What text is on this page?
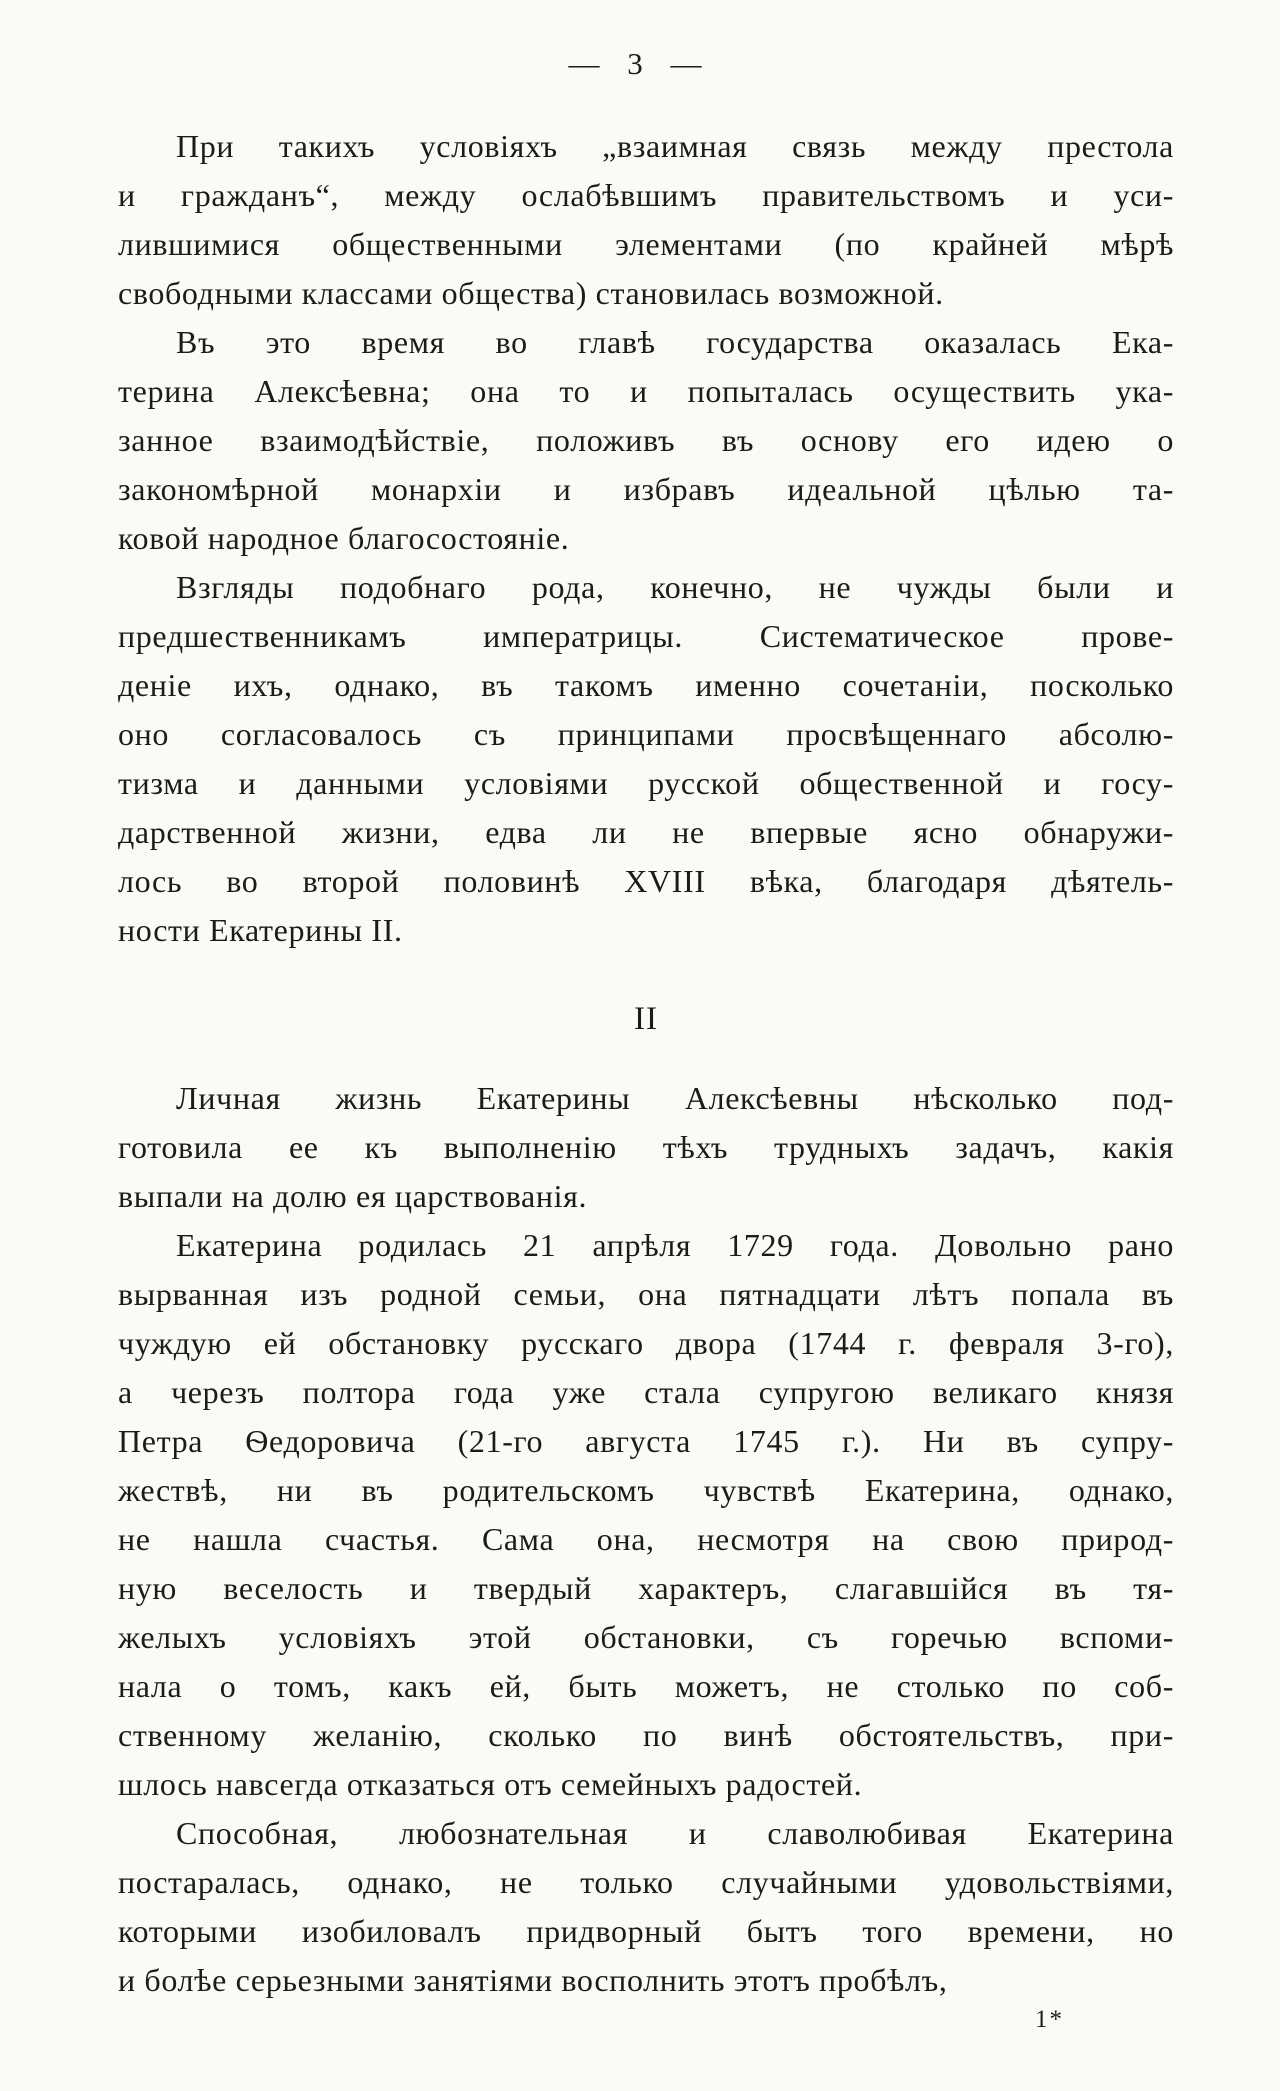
— 3 —
При такихъ условіяхъ „взаимная связь между престола
и гражданъ“, между ослабѣвшимъ правительствомъ и уси-
лившимися общественными элементами (по крайней мѣрѣ
свободными классами общества) становилась возможной.
Въ это время во главѣ государства оказалась Ека-
терина Алексѣевна; она то и попыталась осуществить ука-
занное взаимодѣйствіе, положивъ въ основу его идею о
закономѣрной монархіи и избравъ идеальной цѣлью та-
ковой народное благосостояніе.
Взгляды подобнаго рода, конечно, не чужды были и
предшественникамъ императрицы. Систематическое прове-
деніе ихъ, однако, въ такомъ именно сочетаніи, посколько
оно согласовалось съ принципами просвѣщеннаго абсолю-
тизма и данными условіями русской общественной и госу-
дарственной жизни, едва ли не впервые ясно обнаружи-
лось во второй половинѣ XVIII вѣка, благодаря дѣятель-
ности Екатерины II.
II
Личная жизнь Екатерины Алексѣевны нѣсколько под-
готовила ее къ выполненію тѣхъ трудныхъ задачъ, какія
выпали на долю ея царствованія.
Екатерина родилась 21 апрѣля 1729 года. Довольно рано
вырванная изъ родной семьи, она пятнадцати лѣтъ попала въ
чуждую ей обстановку русскаго двора (1744 г. февраля 3-го),
а черезъ полтора года уже стала супругою великаго князя
Петра Ѳедоровича (21-го августа 1745 г.). Ни въ супру-
жествѣ, ни въ родительскомъ чувствѣ Екатерина, однако,
не нашла счастья. Сама она, несмотря на свою природ-
ную веселость и твердый характеръ, слагавшійся въ тя-
желыхъ условіяхъ этой обстановки, съ горечью вспоми-
нала о томъ, какъ ей, быть можетъ, не столько по соб-
ственному желанію, сколько по винѣ обстоятельствъ, при-
шлось навсегда отказаться отъ семейныхъ радостей.
Способная, любознательная и славолюбивая Екатерина
постаралась, однако, не только случайными удовольствіями,
которыми изобиловалъ придворный бытъ того времени, но
и болѣе серьезными занятіями восполнить этотъ пробѣлъ,
1*
